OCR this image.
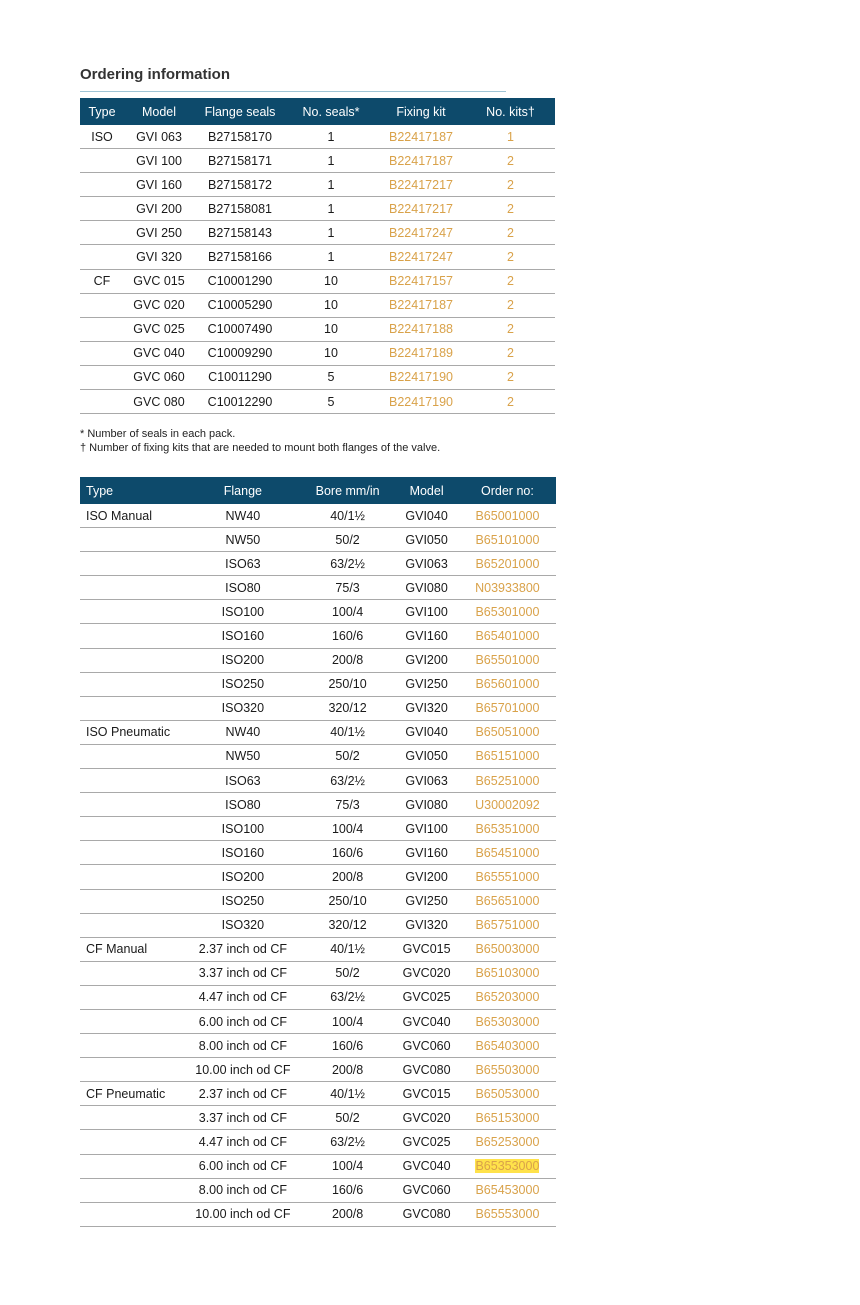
Ordering information
Type	Model	Flange seals	No. seals*	Fixing kit	No. kits†
ISO	GVI 063	B27158170	1	B22417187	1
	GVI 100	B27158171	1	B22417187	2
	GVI 160	B27158172	1	B22417217	2
	GVI 200	B27158081	1	B22417217	2
	GVI 250	B27158143	1	B22417247	2
	GVI 320	B27158166	1	B22417247	2
CF	GVC 015	C10001290	10	B22417157	2
	GVC 020	C10005290	10	B22417187	2
	GVC 025	C10007490	10	B22417188	2
	GVC 040	C10009290	10	B22417189	2
	GVC 060	C10011290	5	B22417190	2
	GVC 080	C10012290	5	B22417190	2
* Number of seals in each pack.
† Number of fixing kits that are needed to mount both flanges of the valve.
Type	Flange	Bore mm/in	Model	Order no:
ISO Manual	NW40	40/1½	GVI040	B65001000
	NW50	50/2	GVI050	B65101000
	ISO63	63/2½	GVI063	B65201000
	ISO80	75/3	GVI080	N03933800
	ISO100	100/4	GVI100	B65301000
	ISO160	160/6	GVI160	B65401000
	ISO200	200/8	GVI200	B65501000
	ISO250	250/10	GVI250	B65601000
	ISO320	320/12	GVI320	B65701000
ISO Pneumatic	NW40	40/1½	GVI040	B65051000
	NW50	50/2	GVI050	B65151000
	ISO63	63/2½	GVI063	B65251000
	ISO80	75/3	GVI080	U30002092
	ISO100	100/4	GVI100	B65351000
	ISO160	160/6	GVI160	B65451000
	ISO200	200/8	GVI200	B65551000
	ISO250	250/10	GVI250	B65651000
	ISO320	320/12	GVI320	B65751000
CF Manual	2.37 inch od CF	40/1½	GVC015	B65003000
	3.37 inch od CF	50/2	GVC020	B65103000
	4.47 inch od CF	63/2½	GVC025	B65203000
	6.00 inch od CF	100/4	GVC040	B65303000
	8.00 inch od CF	160/6	GVC060	B65403000
	10.00 inch od CF	200/8	GVC080	B65503000
CF Pneumatic	2.37 inch od CF	40/1½	GVC015	B65053000
	3.37 inch od CF	50/2	GVC020	B65153000
	4.47 inch od CF	63/2½	GVC025	B65253000
	6.00 inch od CF	100/4	GVC040	B65353000
	8.00 inch od CF	160/6	GVC060	B65453000
	10.00 inch od CF	200/8	GVC080	B65553000
